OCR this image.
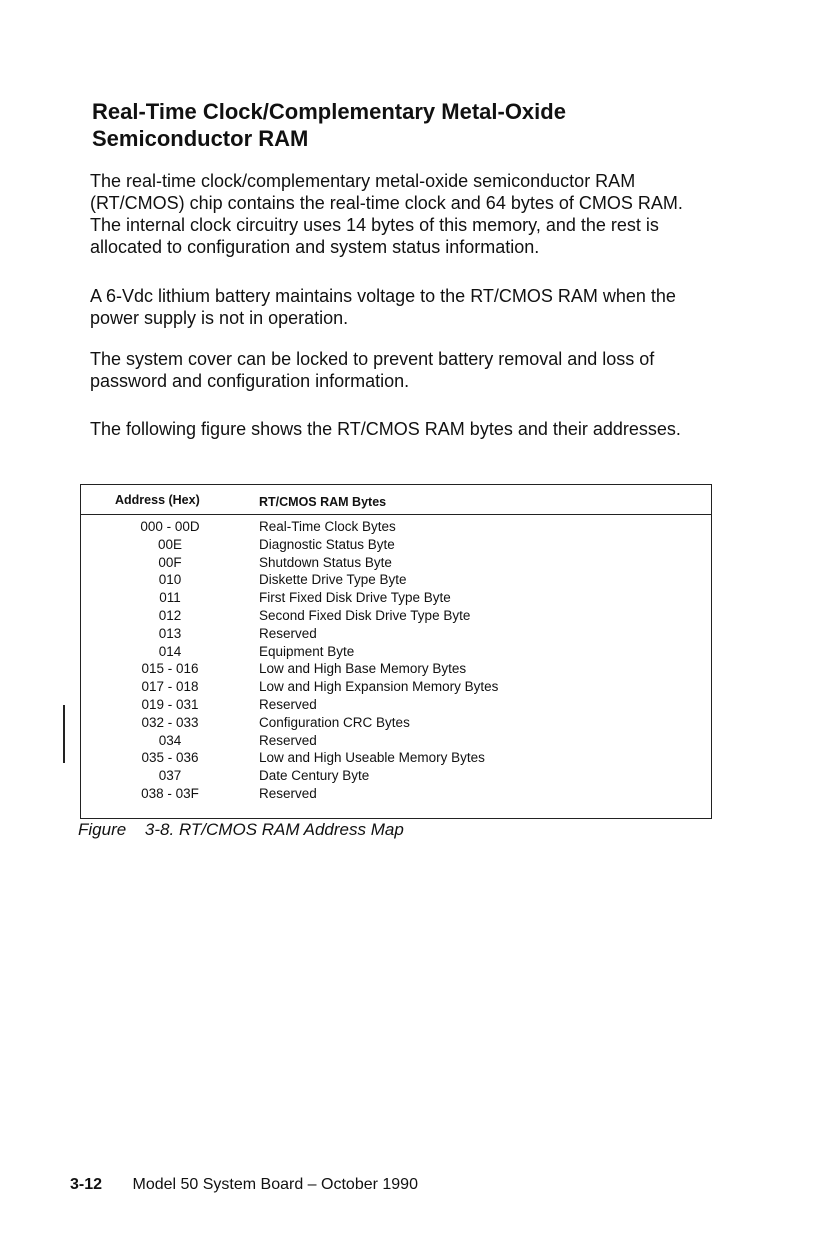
Real-Time Clock/Complementary Metal-Oxide
Semiconductor RAM

The real-time clock/complementary metal-oxide semiconductor RAM (RT/CMOS) chip contains the real-time clock and 64 bytes of CMOS RAM. The internal clock circuitry uses 14 bytes of this memory, and the rest is allocated to configuration and system status information.

A 6-Vdc lithium battery maintains voltage to the RT/CMOS RAM when the power supply is not in operation.

The system cover can be locked to prevent battery removal and loss of password and configuration information.

The following figure shows the RT/CMOS RAM bytes and their addresses.

Address (Hex)	RT/CMOS RAM Bytes
000 - 00D	Real-Time Clock Bytes
00E	Diagnostic Status Byte
00F	Shutdown Status Byte
010	Diskette Drive Type Byte
011	First Fixed Disk Drive Type Byte
012	Second Fixed Disk Drive Type Byte
013	Reserved
014	Equipment Byte
015 - 016	Low and High Base Memory Bytes
017 - 018	Low and High Expansion Memory Bytes
019 - 031	Reserved
032 - 033	Configuration CRC Bytes
034	Reserved
035 - 036	Low and High Useable Memory Bytes
037	Date Century Byte
038 - 03F	Reserved

Figure 3-8. RT/CMOS RAM Address Map

3-12 Model 50 System Board – October 1990
